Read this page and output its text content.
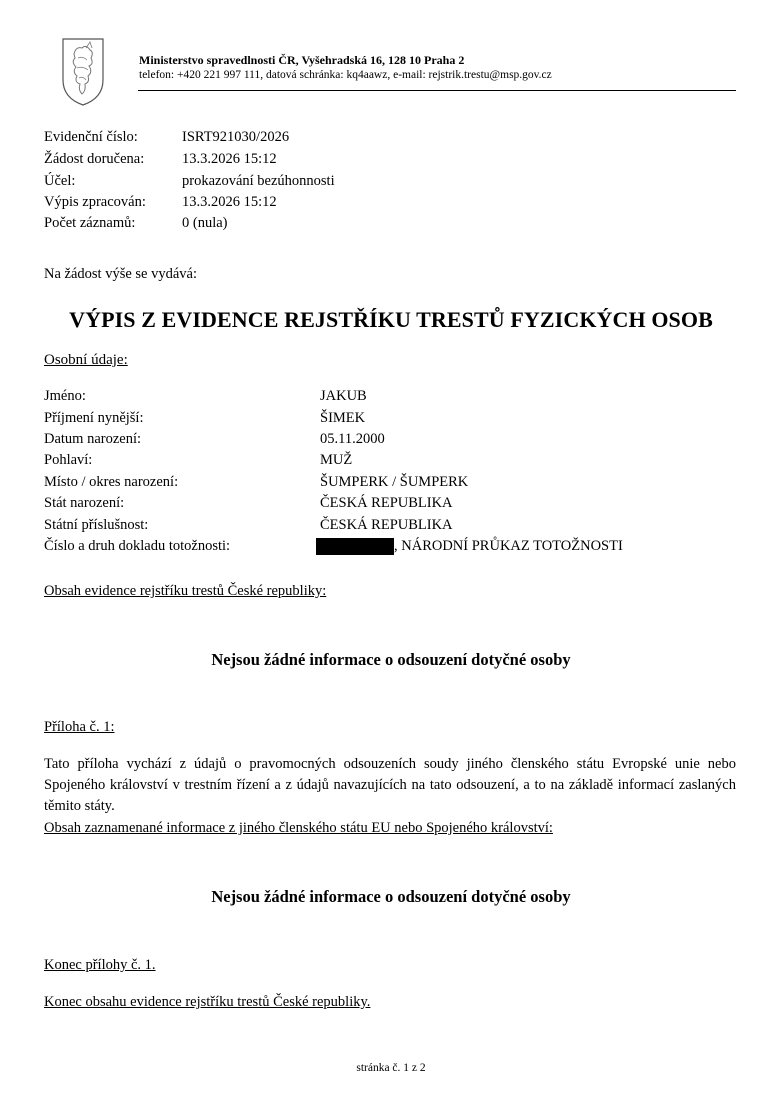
Ministerstvo spravedlnosti ČR, Vyšehradská 16, 128 10 Praha 2
telefon: +420 221 997 111, datová schránka: kq4aawz, e-mail: rejstrik.trestu@msp.gov.cz
Evidenční číslo:	ISRT921030/2026
Žádost doručena:	13.3.2026 15:12
Účel:	prokazování bezúhonnosti
Výpis zpracován: 13.3.2026 15:12
Počet záznamů:	0 (nula)
Na žádost výše se vydává:
VÝPIS Z EVIDENCE REJSTŘÍKU TRESTŮ FYZICKÝCH OSOB
Osobní údaje:
Jméno:	JAKUB
Příjmení nynější:	ŠIMEK
Datum narození:	05.11.2000
Pohlaví:	MUŽ
Místo / okres narození:	ŠUMPERK / ŠUMPERK
Stát narození:	ČESKÁ REPUBLIKA
Státní příslušnost:	ČESKÁ REPUBLIKA
Číslo a druh dokladu totožnosti:	, NÁRODNÍ PRŮKAZ TOTOŽNOSTI
Obsah evidence rejstříku trestů České republiky:
Nejsou žádné informace o odsouzení dotyčné osoby
Příloha č. 1:
Tato příloha vychází z údajů o pravomocných odsouzeních soudy jiného členského státu Evropské unie nebo Spojeného království v trestním řízení a z údajů navazujících na tato odsouzení, a to na základě informací zaslaných těmito státy.
Obsah zaznamenané informace z jiného členského státu EU nebo Spojeného království:
Nejsou žádné informace o odsouzení dotyčné osoby
Konec přílohy č. 1.
Konec obsahu evidence rejstříku trestů České republiky.
stránka č. 1 z 2
